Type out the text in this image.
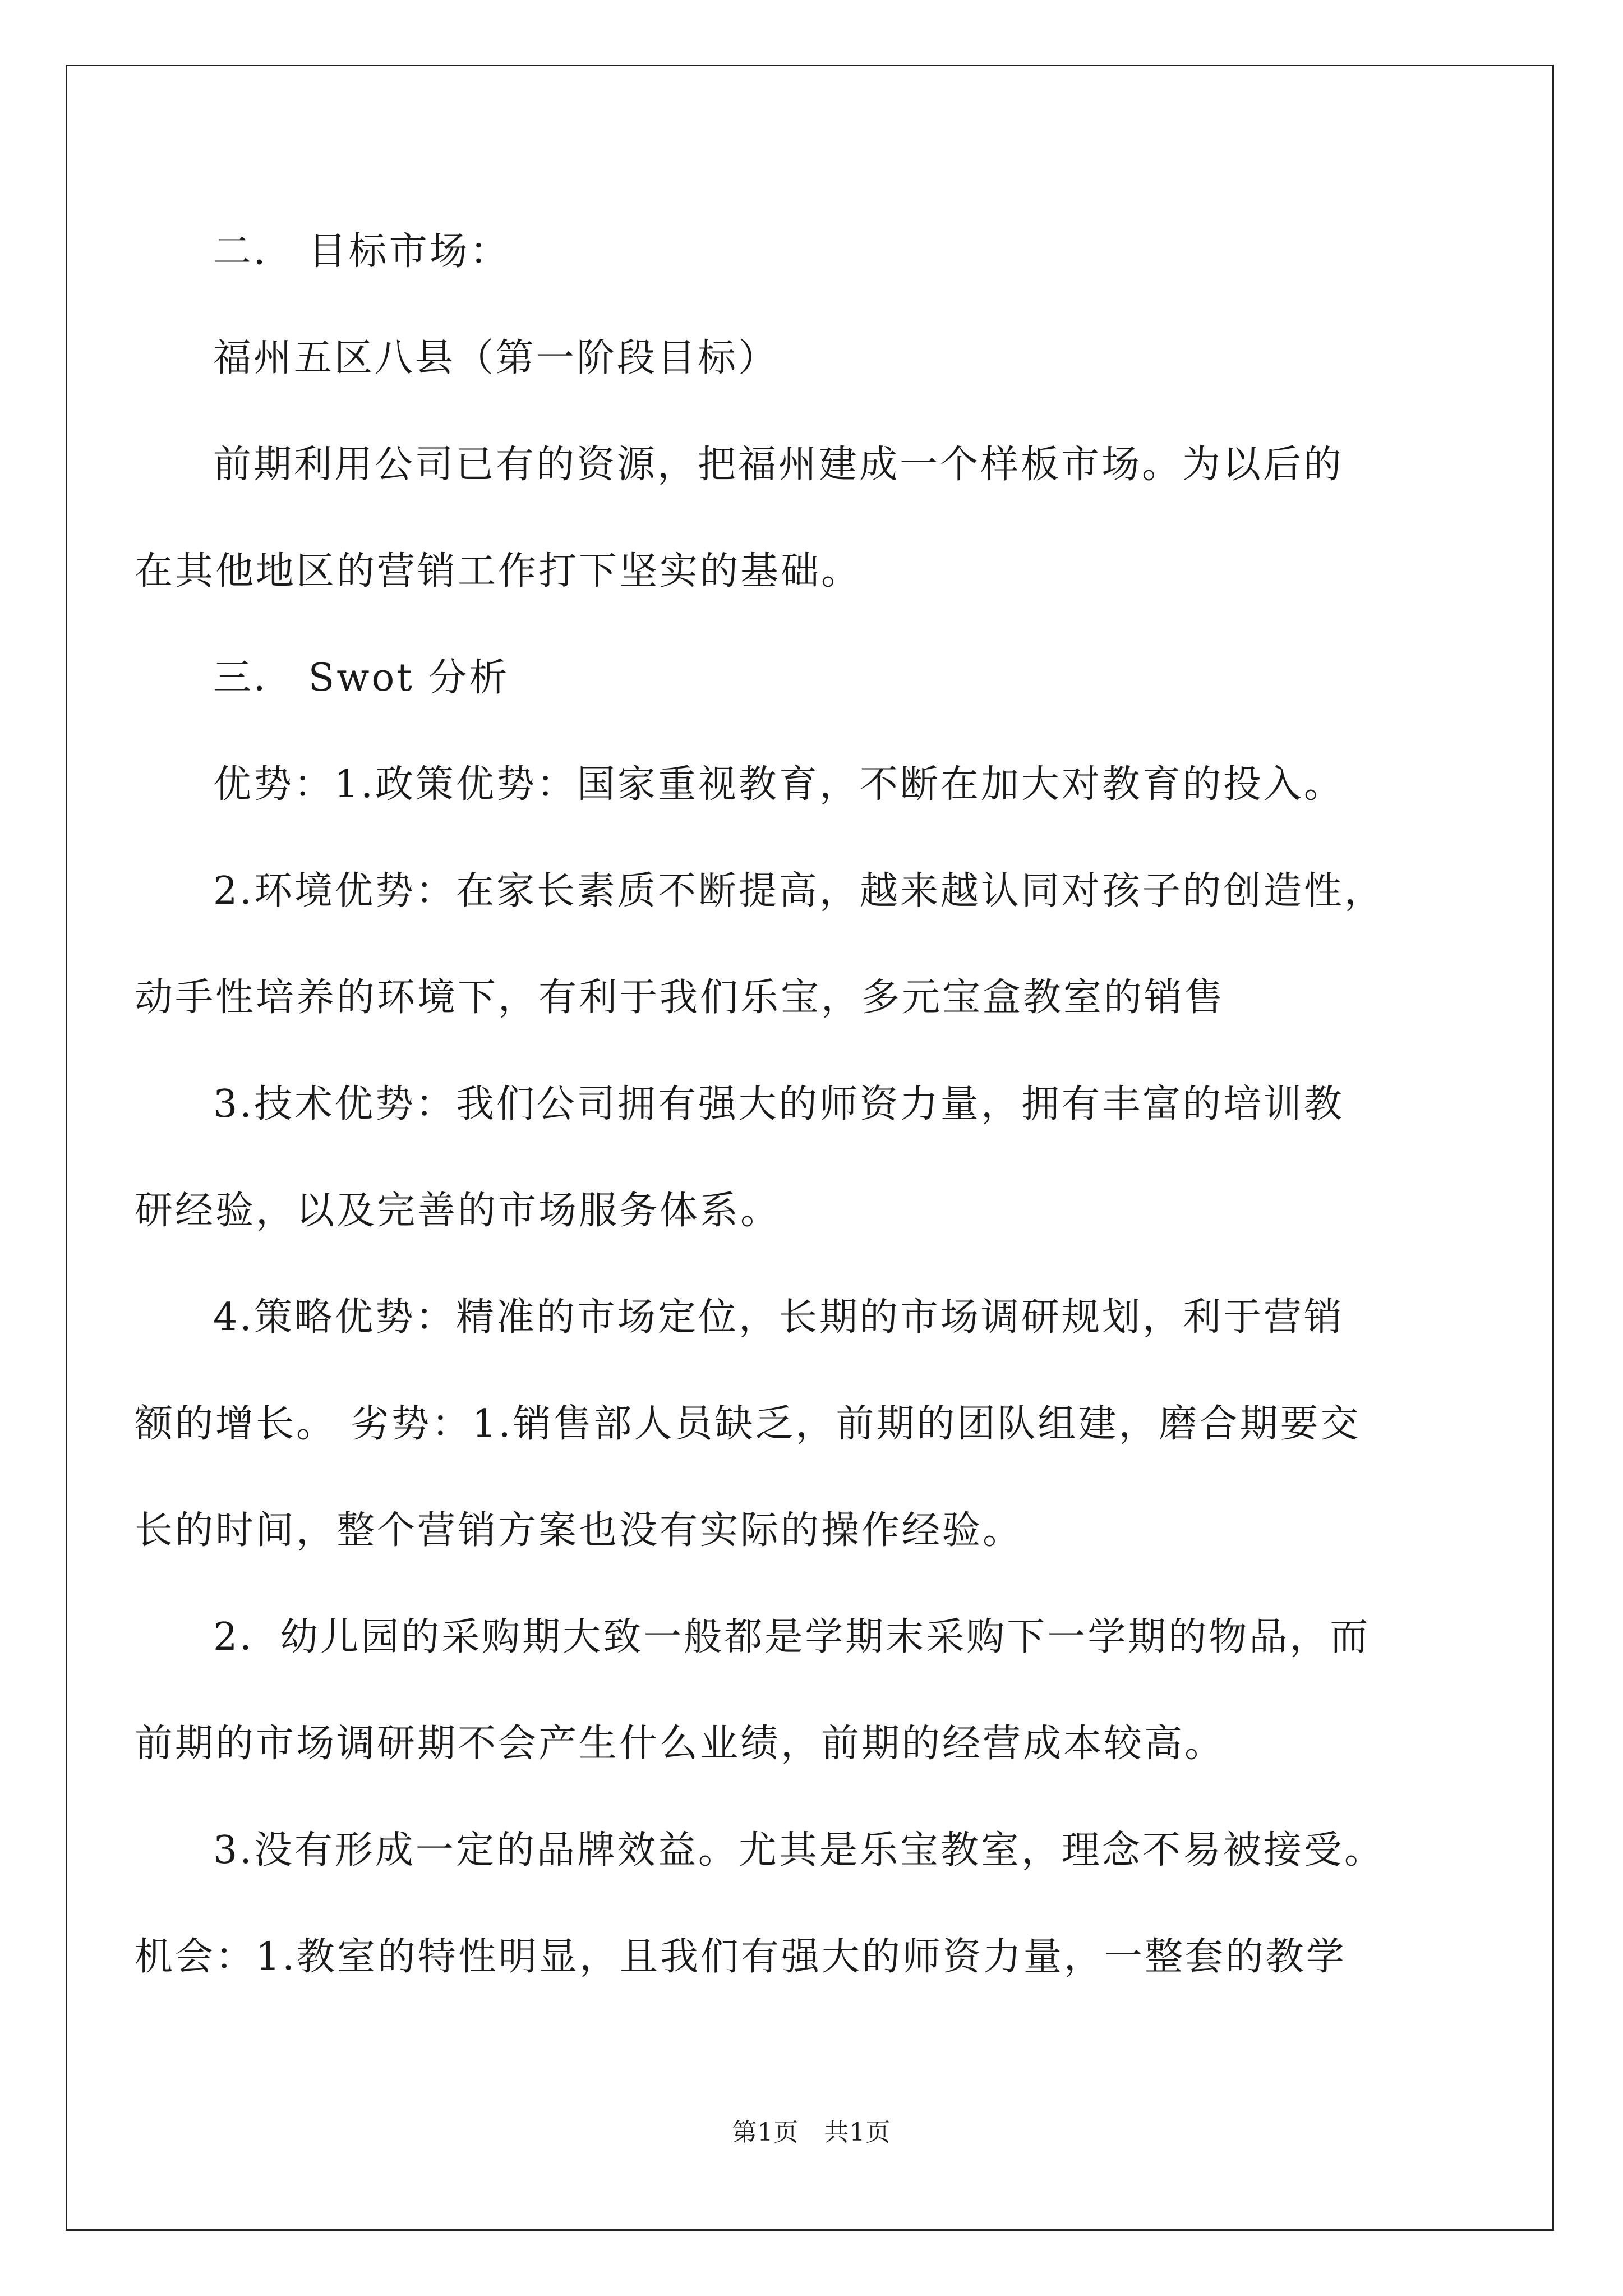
二． 目标市场：
福州五区八县（第一阶段目标）
前期利用公司已有的资源，把福州建成一个样板市场。为以后的
在其他地区的营销工作打下坚实的基础。
三． Swot 分析
优势：1.政策优势：国家重视教育，不断在加大对教育的投入。
2.环境优势：在家长素质不断提高，越来越认同对孩子的创造性，
动手性培养的环境下，有利于我们乐宝，多元宝盒教室的销售
3.技术优势：我们公司拥有强大的师资力量，拥有丰富的培训教
研经验，以及完善的市场服务体系。
4.策略优势：精准的市场定位，长期的市场调研规划，利于营销
额的增长。 劣势：1.销售部人员缺乏，前期的团队组建，磨合期要交
长的时间，整个营销方案也没有实际的操作经验。
2．幼儿园的采购期大致一般都是学期末采购下一学期的物品，而
前期的市场调研期不会产生什么业绩，前期的经营成本较高。
3.没有形成一定的品牌效益。尤其是乐宝教室，理念不易被接受。
机会：1.教室的特性明显，且我们有强大的师资力量，一整套的教学
第1页   共1页
